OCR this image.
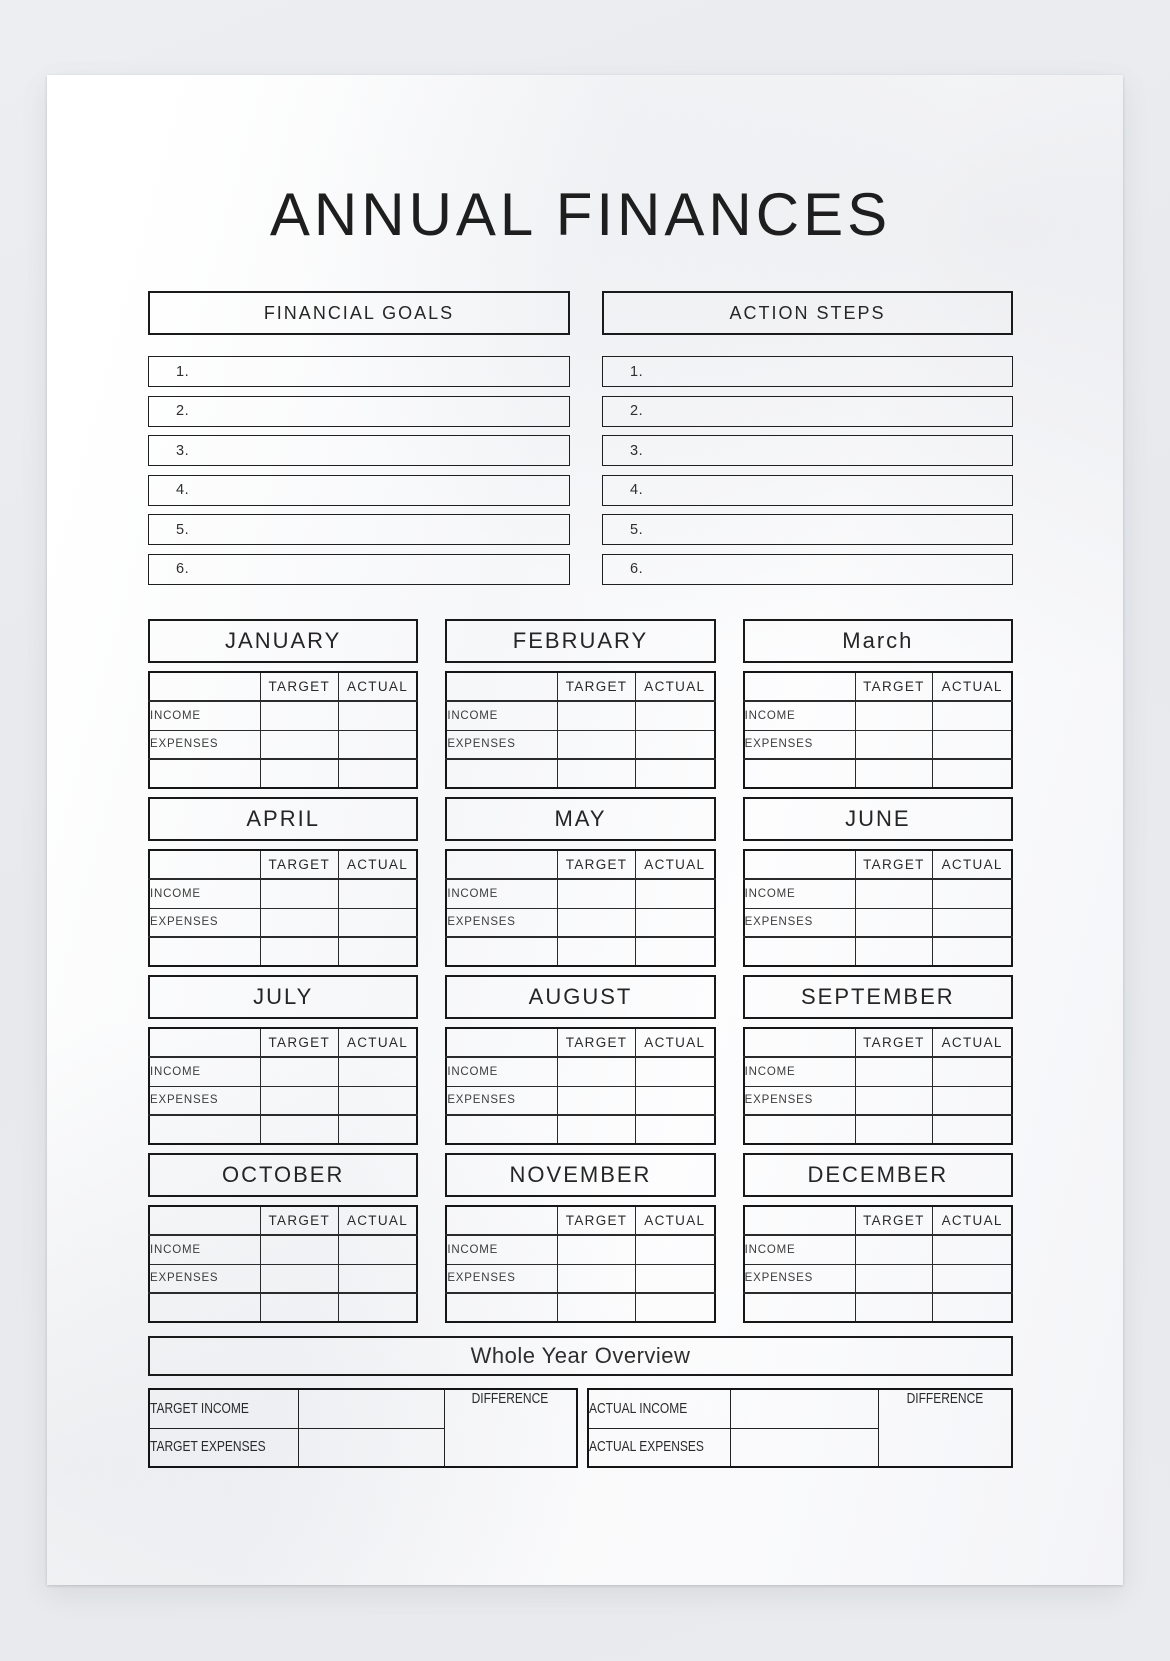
ANNUAL FINANCES
FINANCIAL GOALS
1.
2.
3.
4.
5.
6.
ACTION STEPS
1.
2.
3.
4.
5.
6.
JANUARY
	TARGET	ACTUAL
INCOME		
EXPENSES		

FEBRUARY
	TARGET	ACTUAL
INCOME		
EXPENSES		

March
	TARGET	ACTUAL
INCOME		
EXPENSES		

APRIL
	TARGET	ACTUAL
INCOME		
EXPENSES		

MAY
	TARGET	ACTUAL
INCOME		
EXPENSES		

JUNE
	TARGET	ACTUAL
INCOME		
EXPENSES		

JULY
	TARGET	ACTUAL
INCOME		
EXPENSES		

AUGUST
	TARGET	ACTUAL
INCOME		
EXPENSES		

SEPTEMBER
	TARGET	ACTUAL
INCOME		
EXPENSES		

OCTOBER
	TARGET	ACTUAL
INCOME		
EXPENSES		

NOVEMBER
	TARGET	ACTUAL
INCOME		
EXPENSES		

DECEMBER
	TARGET	ACTUAL
INCOME		
EXPENSES		

Whole Year Overview
TARGET INCOME		DIFFERENCE
TARGET EXPENSES		
ACTUAL INCOME		DIFFERENCE
ACTUAL EXPENSES		
